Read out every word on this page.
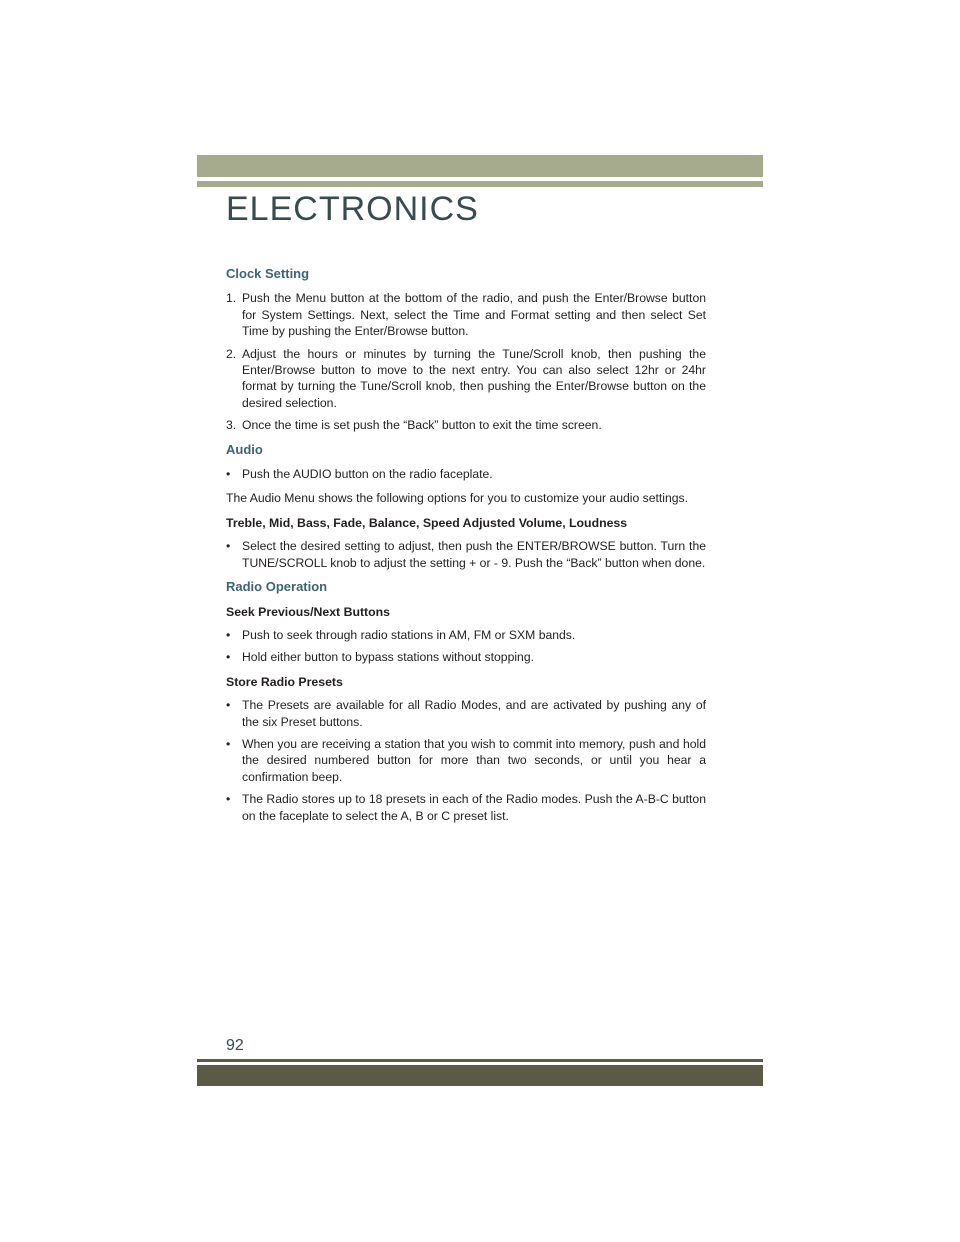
ELECTRONICS
Clock Setting
1. Push the Menu button at the bottom of the radio, and push the Enter/Browse button for System Settings. Next, select the Time and Format setting and then select Set Time by pushing the Enter/Browse button.
2. Adjust the hours or minutes by turning the Tune/Scroll knob, then pushing the Enter/Browse button to move to the next entry. You can also select 12hr or 24hr format by turning the Tune/Scroll knob, then pushing the Enter/Browse button on the desired selection.
3. Once the time is set push the “Back” button to exit the time screen.
Audio
• Push the AUDIO button on the radio faceplate.

The Audio Menu shows the following options for you to customize your audio settings.

Treble, Mid, Bass, Fade, Balance, Speed Adjusted Volume, Loudness
• Select the desired setting to adjust, then push the ENTER/BROWSE button. Turn the TUNE/SCROLL knob to adjust the setting + or - 9. Push the “Back” button when done.
Radio Operation
Seek Previous/Next Buttons
• Push to seek through radio stations in AM, FM or SXM bands.
• Hold either button to bypass stations without stopping.
Store Radio Presets
• The Presets are available for all Radio Modes, and are activated by pushing any of the six Preset buttons.
• When you are receiving a station that you wish to commit into memory, push and hold the desired numbered button for more than two seconds, or until you hear a confirmation beep.
• The Radio stores up to 18 presets in each of the Radio modes. Push the A-B-C button on the faceplate to select the A, B or C preset list.
92
